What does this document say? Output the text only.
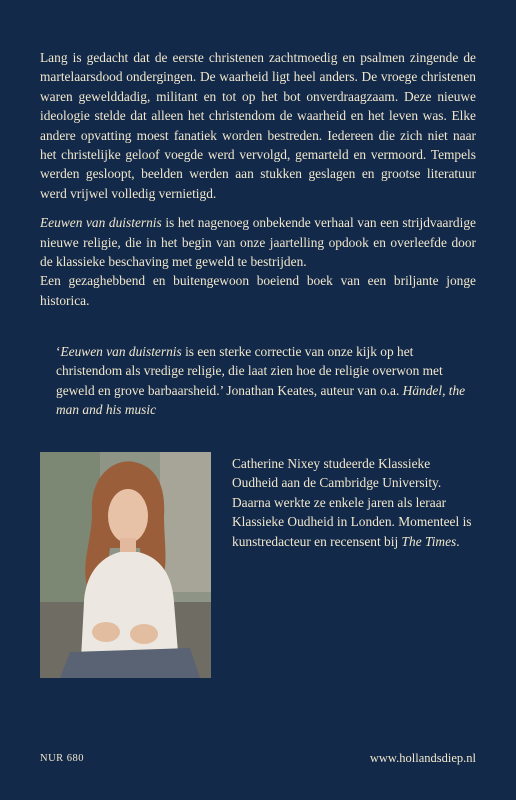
Lang is gedacht dat de eerste christenen zachtmoedig en psalmen zingende de martelaarsdood ondergingen. De waarheid ligt heel anders. De vroege christenen waren gewelddadig, militant en tot op het bot onverdraagzaam. Deze nieuwe ideologie stelde dat alleen het christendom de waarheid en het leven was. Elke andere opvatting moest fanatiek worden bestreden. Iedereen die zich niet naar het christelijke geloof voegde werd vervolgd, gemarteld en vermoord. Tempels werden gesloopt, beelden werden aan stukken geslagen en grootse literatuur werd vrijwel volledig vernietigd.

Eeuwen van duisternis is het nagenoeg onbekende verhaal van een strijdvaardige nieuwe religie, die in het begin van onze jaartelling opdook en overleefde door de klassieke beschaving met geweld te bestrijden.
Een gezaghebbend en buitengewoon boeiend boek van een briljante jonge historica.

‘Eeuwen van duisternis is een sterke correctie van onze kijk op het christendom als vredige religie, die laat zien hoe de religie overwon met geweld en grove barbaarsheid.’ Jonathan Keates, auteur van o.a. Händel, the man and his music
Catherine Nixey studeerde Klassieke Oudheid aan de Cambridge University. Daarna werkte ze enkele jaren als leraar Klassieke Oudheid in Londen. Momenteel is kunstredacteur en recensent bij The Times.
NUR 680	www.hollandsdiep.nl
